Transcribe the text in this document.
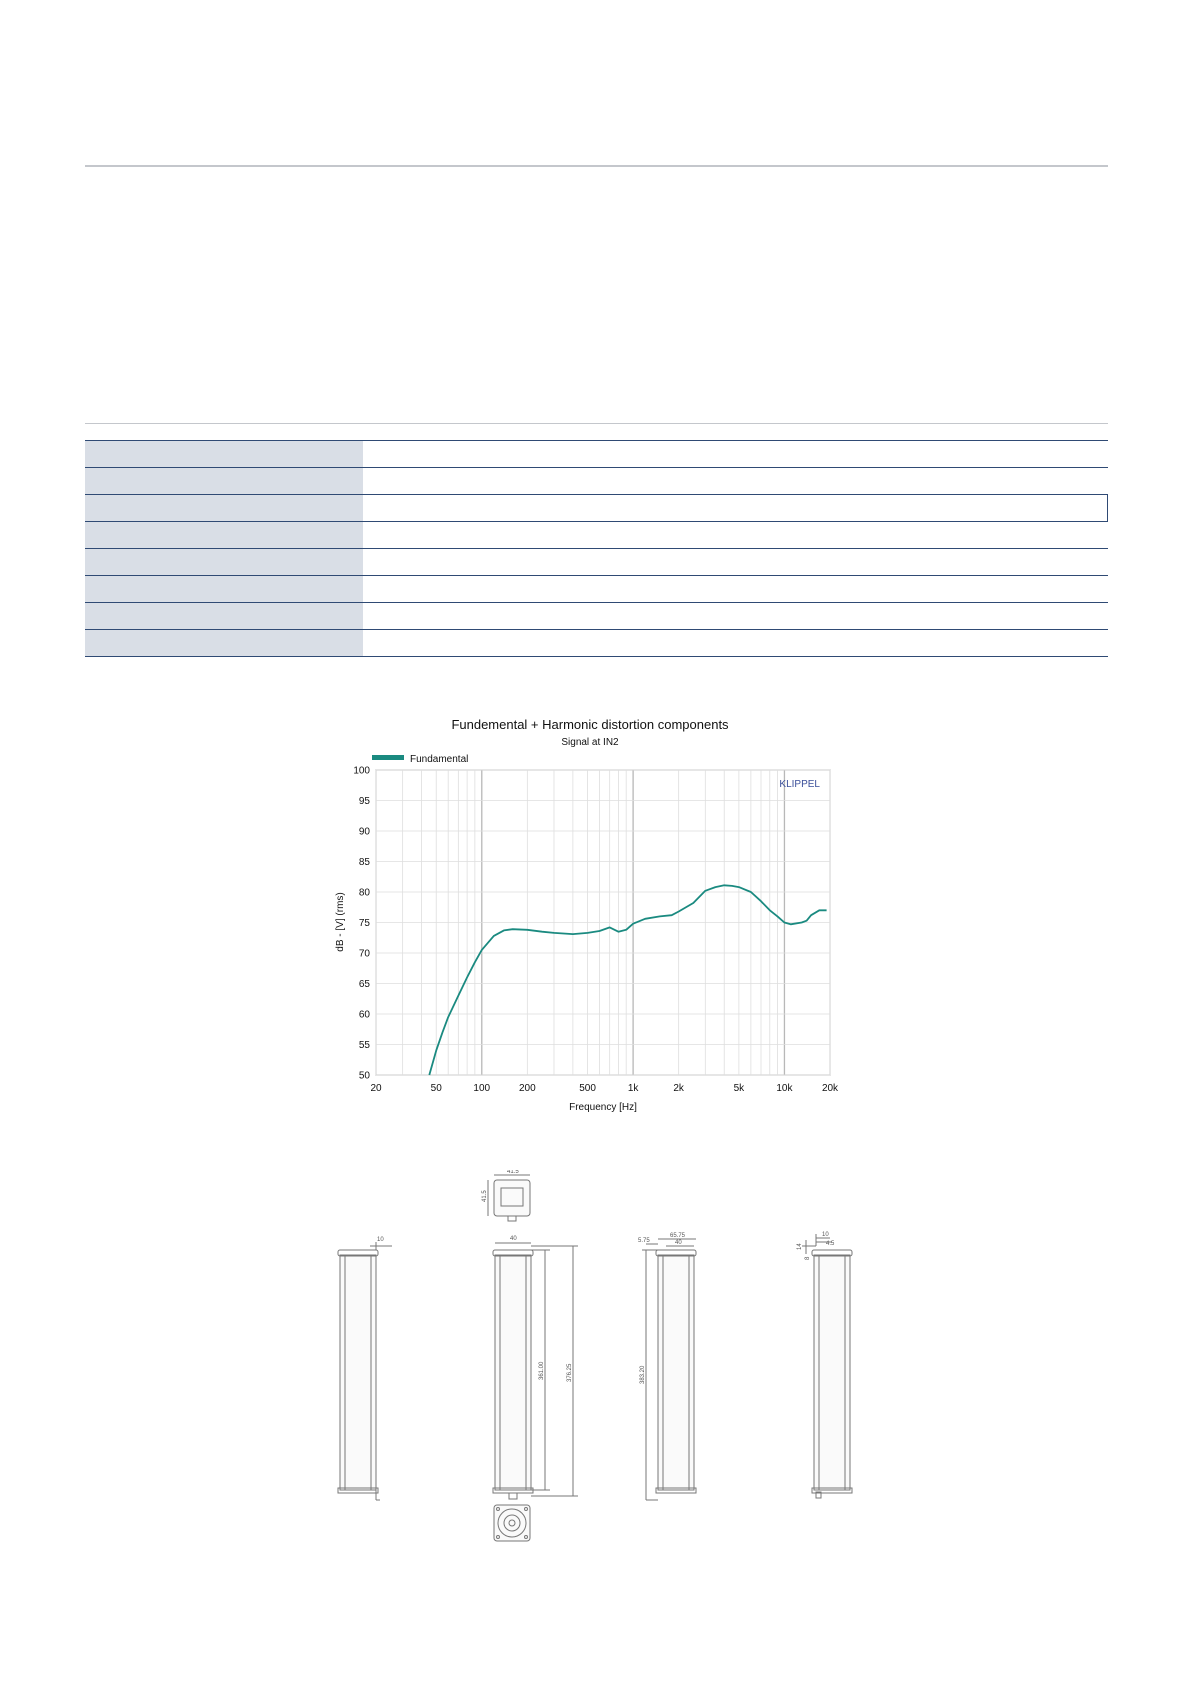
Fundemental + Harmonic distortion components
Signal at IN2
Fundamental
KLIPPEL
50
55
60
65
70
75
80
85
90
95
100
20	50	100	200	500	1k	2k	5k	10k	20k
Frequency [Hz]
dB - [V] (rms)
10
41.5
41.5
40
361.00	376.25
65.75
5.75	40
383.20
10
4.5
14
8
